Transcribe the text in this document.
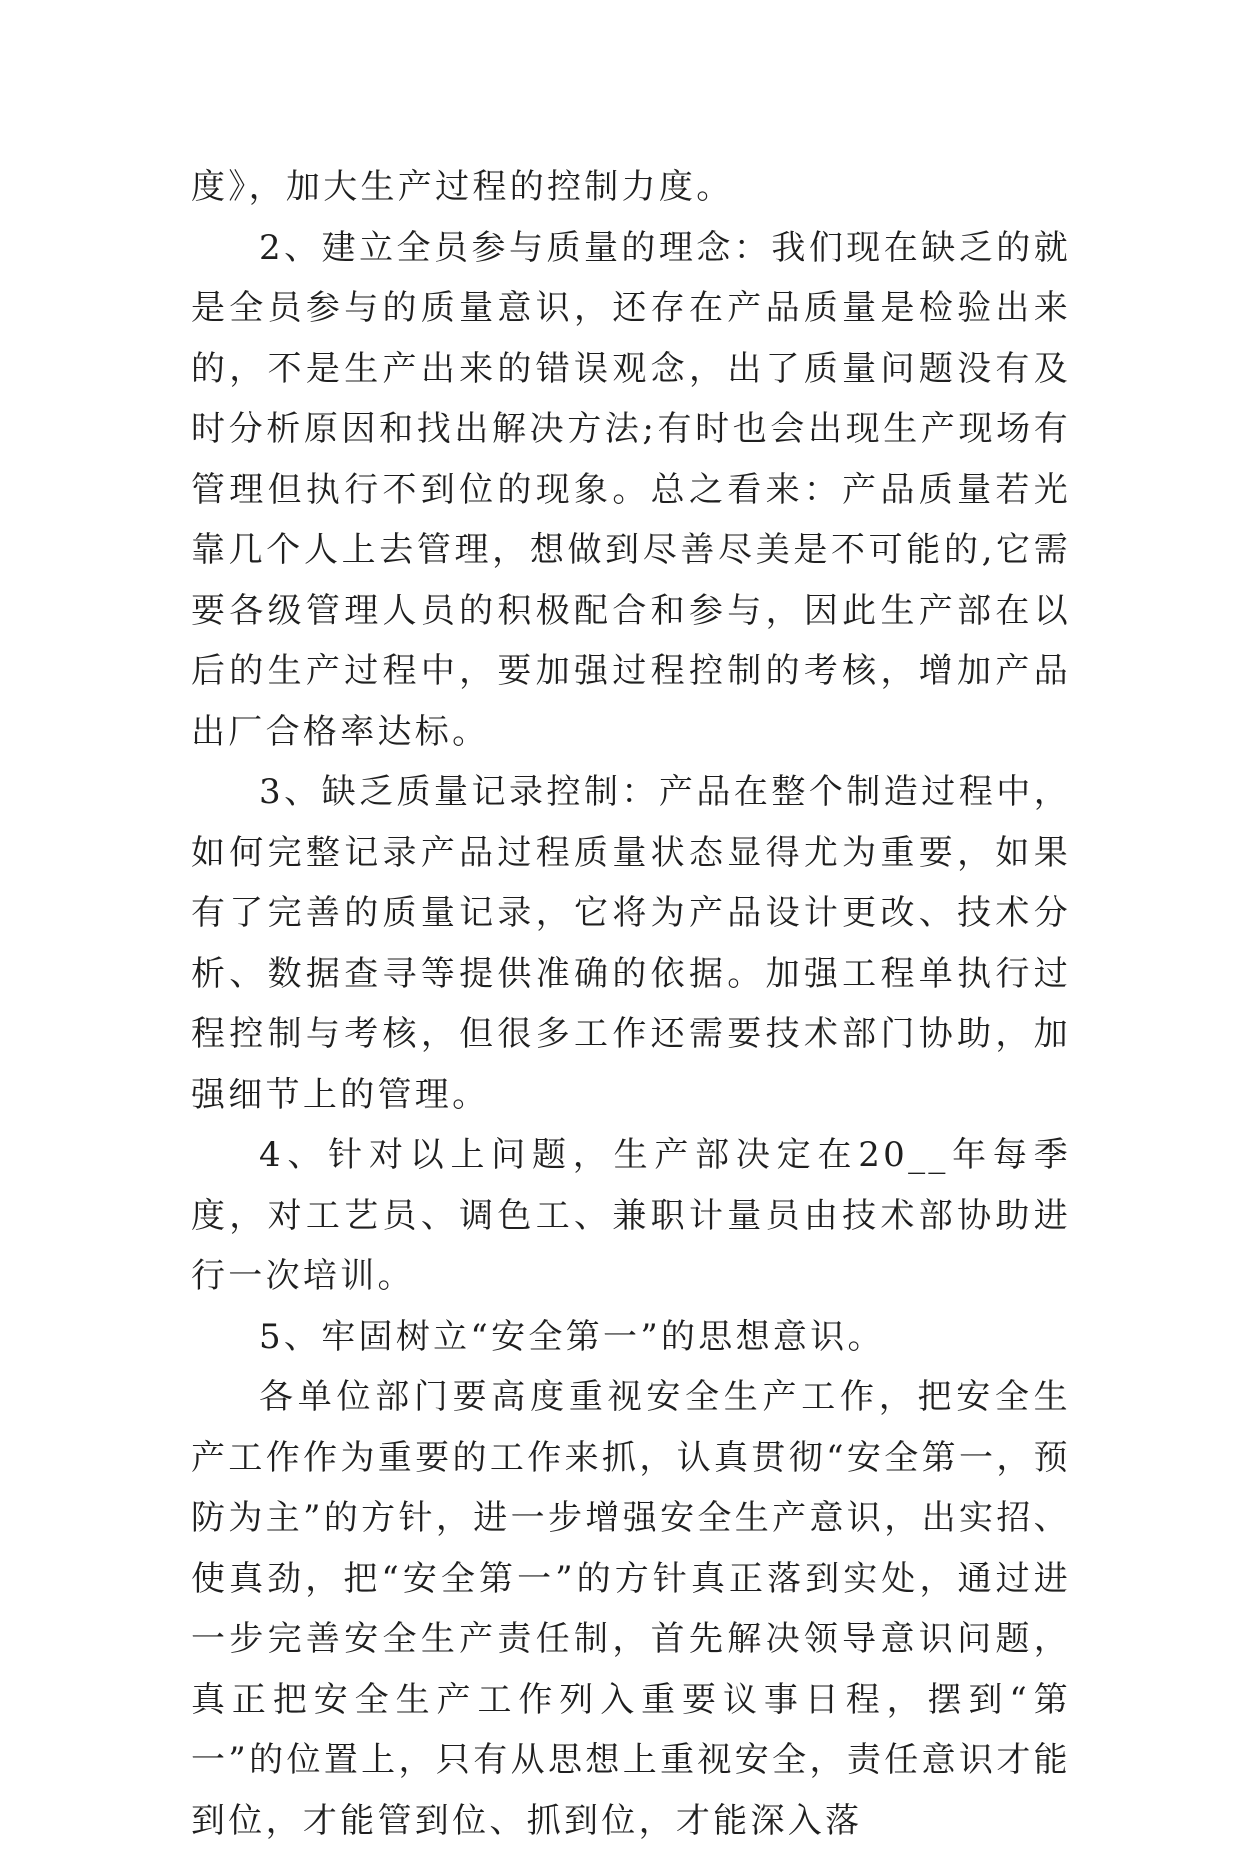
度》，加大生产过程的控制力度。

2、建立全员参与质量的理念：我们现在缺乏的就是全员参与的质量意识，还存在产品质量是检验出来的，不是生产出来的错误观念，出了质量问题没有及时分析原因和找出解决方法;有时也会出现生产现场有管理但执行不到位的现象。总之看来：产品质量若光靠几个人上去管理，想做到尽善尽美是不可能的,它需要各级管理人员的积极配合和参与，因此生产部在以后的生产过程中，要加强过程控制的考核，增加产品出厂合格率达标。

3、缺乏质量记录控制：产品在整个制造过程中，如何完整记录产品过程质量状态显得尤为重要，如果有了完善的质量记录，它将为产品设计更改、技术分析、数据查寻等提供准确的依据。加强工程单执行过程控制与考核，但很多工作还需要技术部门协助，加强细节上的管理。

4、针对以上问题，生产部决定在20__年每季度，对工艺员、调色工、兼职计量员由技术部协助进行一次培训。

5、牢固树立“安全第一”的思想意识。

各单位部门要高度重视安全生产工作，把安全生产工作作为重要的工作来抓，认真贯彻“安全第一，预防为主”的方针，进一步增强安全生产意识，出实招、使真劲，把“安全第一”的方针真正落到实处，通过进一步完善安全生产责任制，首先解决领导意识问题，真正把安全生产工作列入重要议事日程，摆到“第一”的位置上，只有从思想上重视安全，责任意识才能到位，才能管到位、抓到位，才能深入落
